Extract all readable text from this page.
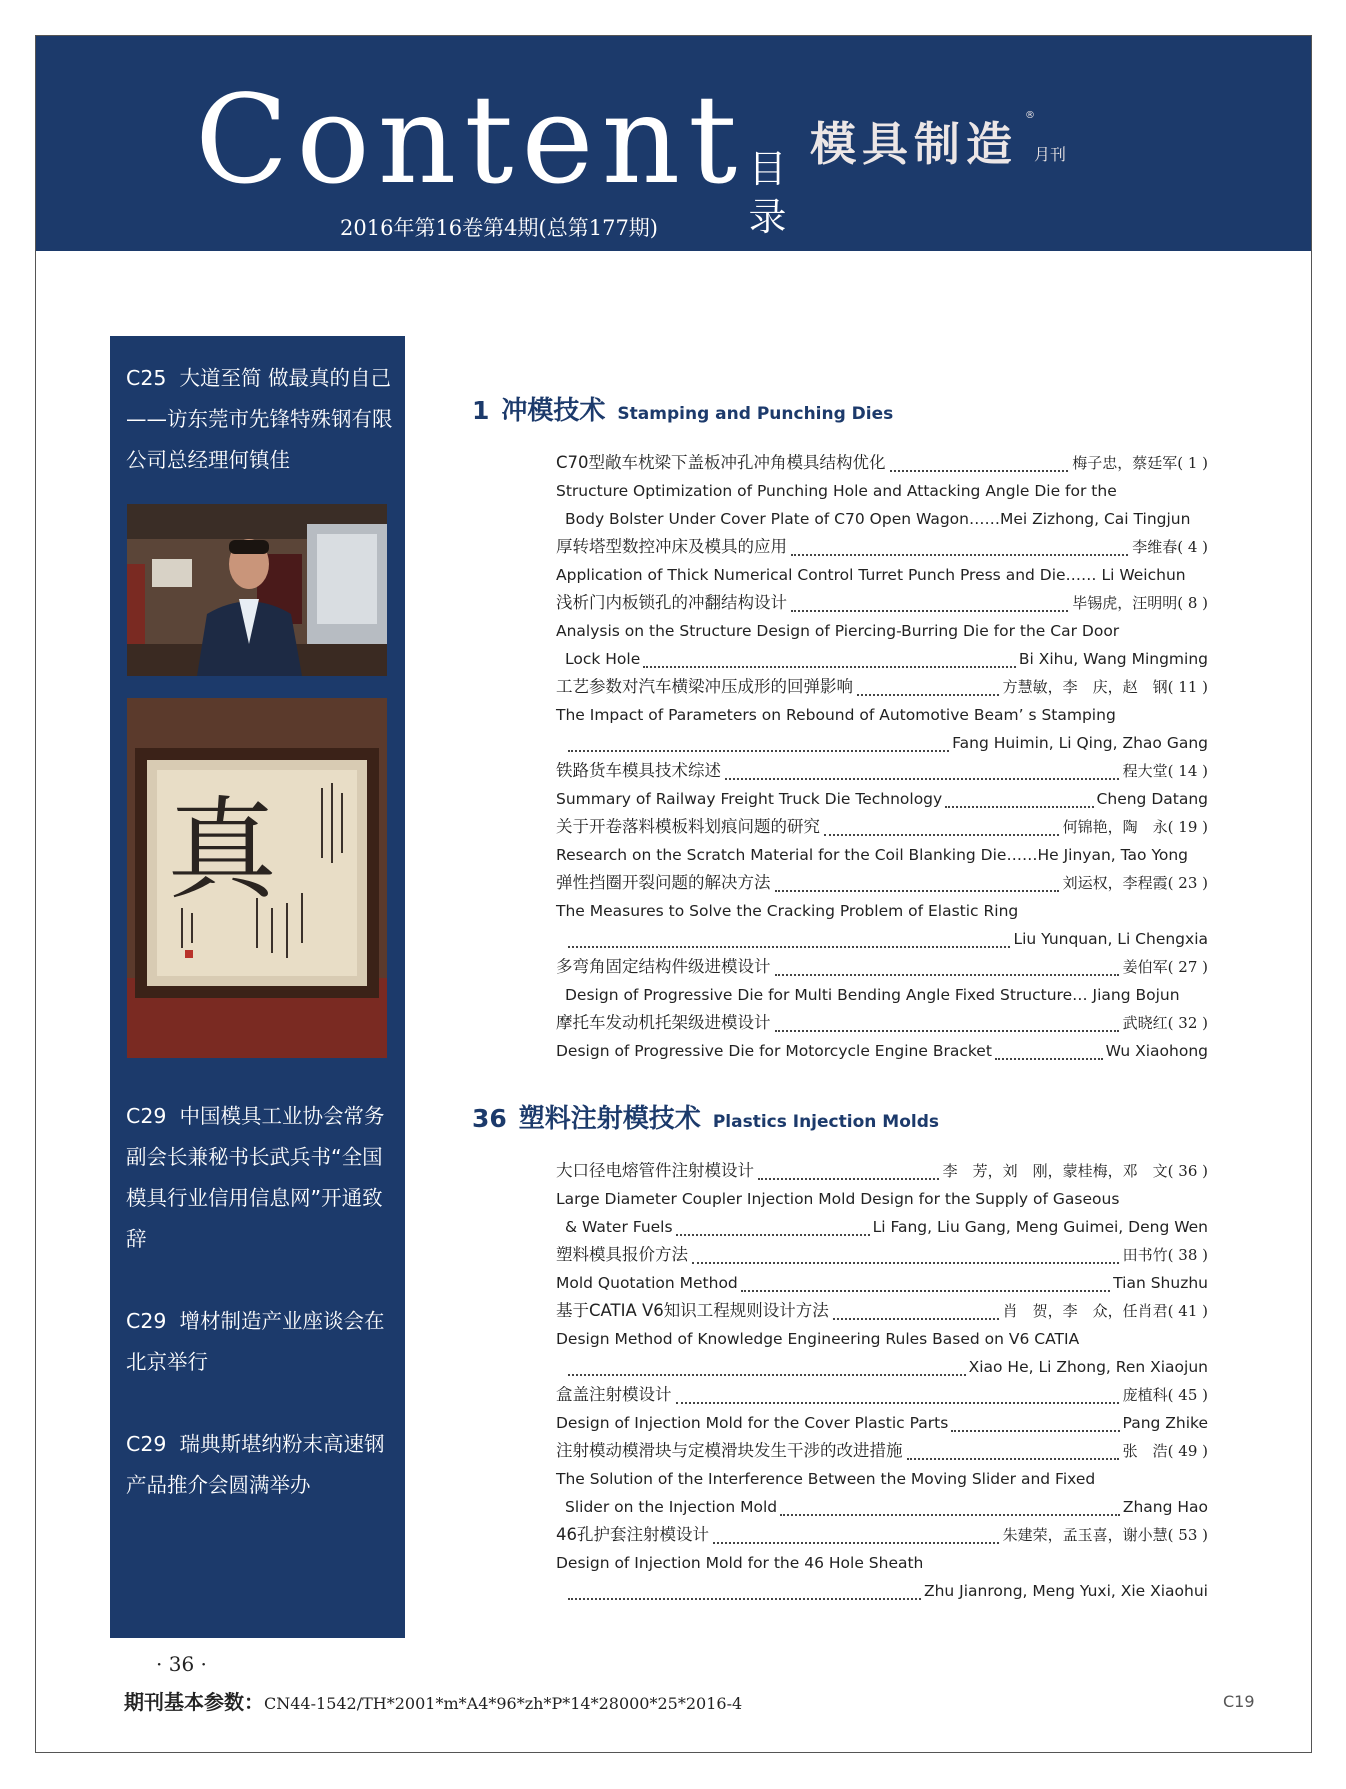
Content 目录
2016年第16卷第4期(总第177期)
模具制造
®
月刊
C25 大道至简 做最真的自己——访东莞市先锋特殊钢有限公司总经理何镇佳
真
C29 中国模具工业协会常务副会长兼秘书长武兵书“全国模具行业信用信息网”开通致辞
C29 增材制造产业座谈会在北京举行
C29 瑞典斯堪纳粉末高速钢产品推介会圆满举办
1 冲模技术 Stamping and Punching Dies
C70型敞车枕梁下盖板冲孔冲角模具结构优化	梅子忠，蔡廷军( 1 )
Structure Optimization of Punching Hole and Attacking Angle Die for the
Body Bolster Under Cover Plate of C70 Open Wagon……Mei Zizhong, Cai Tingjun
厚转塔型数控冲床及模具的应用	李维春( 4 )
Application of Thick Numerical Control Turret Punch Press and Die…… Li Weichun
浅析门内板锁孔的冲翻结构设计	毕锡虎，汪明明( 8 )
Analysis on the Structure Design of Piercing-Burring Die for the Car Door
Lock Hole	Bi Xihu, Wang Mingming
工艺参数对汽车横梁冲压成形的回弹影响	方慧敏，李　庆，赵　钢( 11 )
The Impact of Parameters on Rebound of Automotive Beam’ s Stamping
Fang Huimin, Li Qing, Zhao Gang
铁路货车模具技术综述	程大堂( 14 )
Summary of Railway Freight Truck Die Technology	Cheng Datang
关于开卷落料模板料划痕问题的研究	何锦艳，陶　永( 19 )
Research on the Scratch Material for the Coil Blanking Die……He Jinyan, Tao Yong
弹性挡圈开裂问题的解决方法	刘运权，李程霞( 23 )
The Measures to Solve the Cracking Problem of Elastic Ring
Liu Yunquan, Li Chengxia
多弯角固定结构件级进模设计	姜伯军( 27 )
Design of Progressive Die for Multi Bending Angle Fixed Structure… Jiang Bojun
摩托车发动机托架级进模设计	武晓红( 32 )
Design of Progressive Die for Motorcycle Engine Bracket	Wu Xiaohong
36 塑料注射模技术 Plastics Injection Molds
大口径电熔管件注射模设计	李　芳，刘　刚，蒙桂梅，邓　文( 36 )
Large Diameter Coupler Injection Mold Design for the Supply of Gaseous
& Water Fuels	Li Fang, Liu Gang, Meng Guimei, Deng Wen
塑料模具报价方法	田书竹( 38 )
Mold Quotation Method	Tian Shuzhu
基于CATIA V6知识工程规则设计方法	肖　贺，李　众，任肖君( 41 )
Design Method of Knowledge Engineering Rules Based on V6 CATIA
Xiao He, Li Zhong, Ren Xiaojun
盒盖注射模设计	庞植科( 45 )
Design of Injection Mold for the Cover Plastic Parts	Pang Zhike
注射模动模滑块与定模滑块发生干涉的改进措施	张　浩( 49 )
The Solution of the Interference Between the Moving Slider and Fixed
Slider on the Injection Mold	Zhang Hao
46孔护套注射模设计	朱建荣，孟玉喜，谢小慧( 53 )
Design of Injection Mold for the 46 Hole Sheath
Zhu Jianrong, Meng Yuxi, Xie Xiaohui
· 36 ·
期刊基本参数：CN44-1542/TH*2001*m*A4*96*zh*P*14*28000*25*2016-4	C19
